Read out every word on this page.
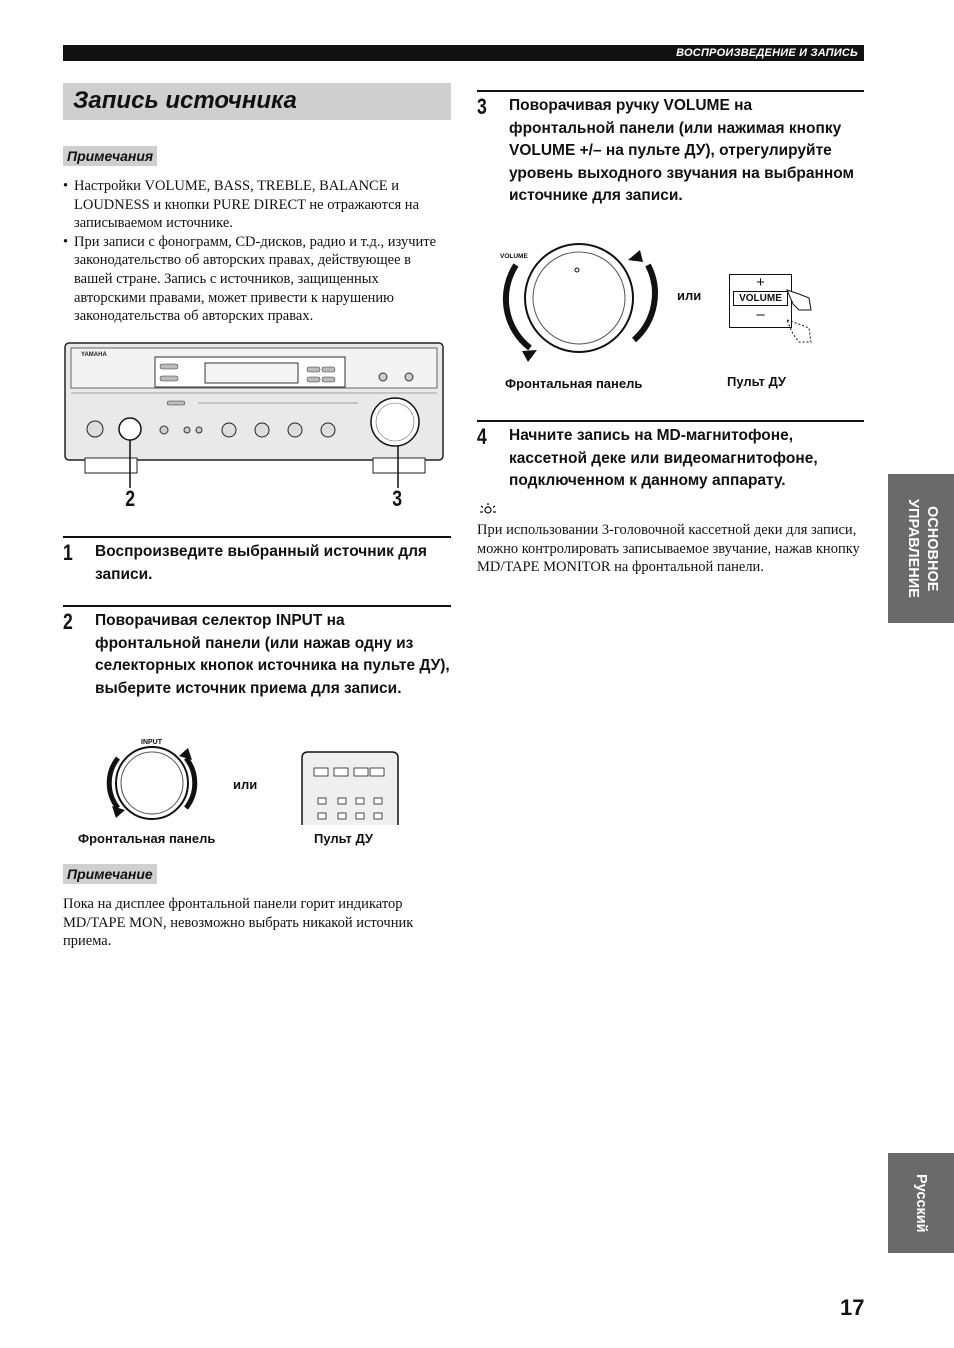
ВОСПРОИЗВЕДЕНИЕ И ЗАПИСЬ
Запись источника
Примечания
• Настройки VOLUME, BASS, TREBLE, BALANCE и LOUDNESS и кнопки PURE DIRECT не отражаются на записываемом источнике.
• При записи с фонограмм, CD-дисков, радио и т.д., изучите законодательство об авторских правах, действующее в вашей стране. Запись с источников, защищенных авторскими правами, может привести к нарушению законодательства об авторских правах.
YAMAHA
2	3
1 Воспроизведите выбранный источник для записи.
2 Поворачивая селектор INPUT на фронтальной панели (или нажав одну из селекторных кнопок источника на пульте ДУ), выберите источник приема для записи.
INPUT
или
Фронтальная панель	Пульт ДУ
Примечание
Пока на дисплее фронтальной панели горит индикатор MD/TAPE MON, невозможно выбрать никакой источник приема.
3 Поворачивая ручку VOLUME на фронтальной панели (или нажимая кнопку VOLUME +/– на пульте ДУ), отрегулируйте уровень выходного звучания на выбранном источнике для записи.
VOLUME
или
+
VOLUME
–
Фронтальная панель	Пульт ДУ
4 Начните запись на MD-магнитофоне, кассетной деке или видеомагнитофоне, подключенном к данному аппарату.
При использовании 3-головочной кассетной деки для записи, можно контролировать записываемое звучание, нажав кнопку MD/TAPE MONITOR на фронтальной панели.	ОСНОВНОЕ УПРАВЛЕНИЕ
Русский
17
